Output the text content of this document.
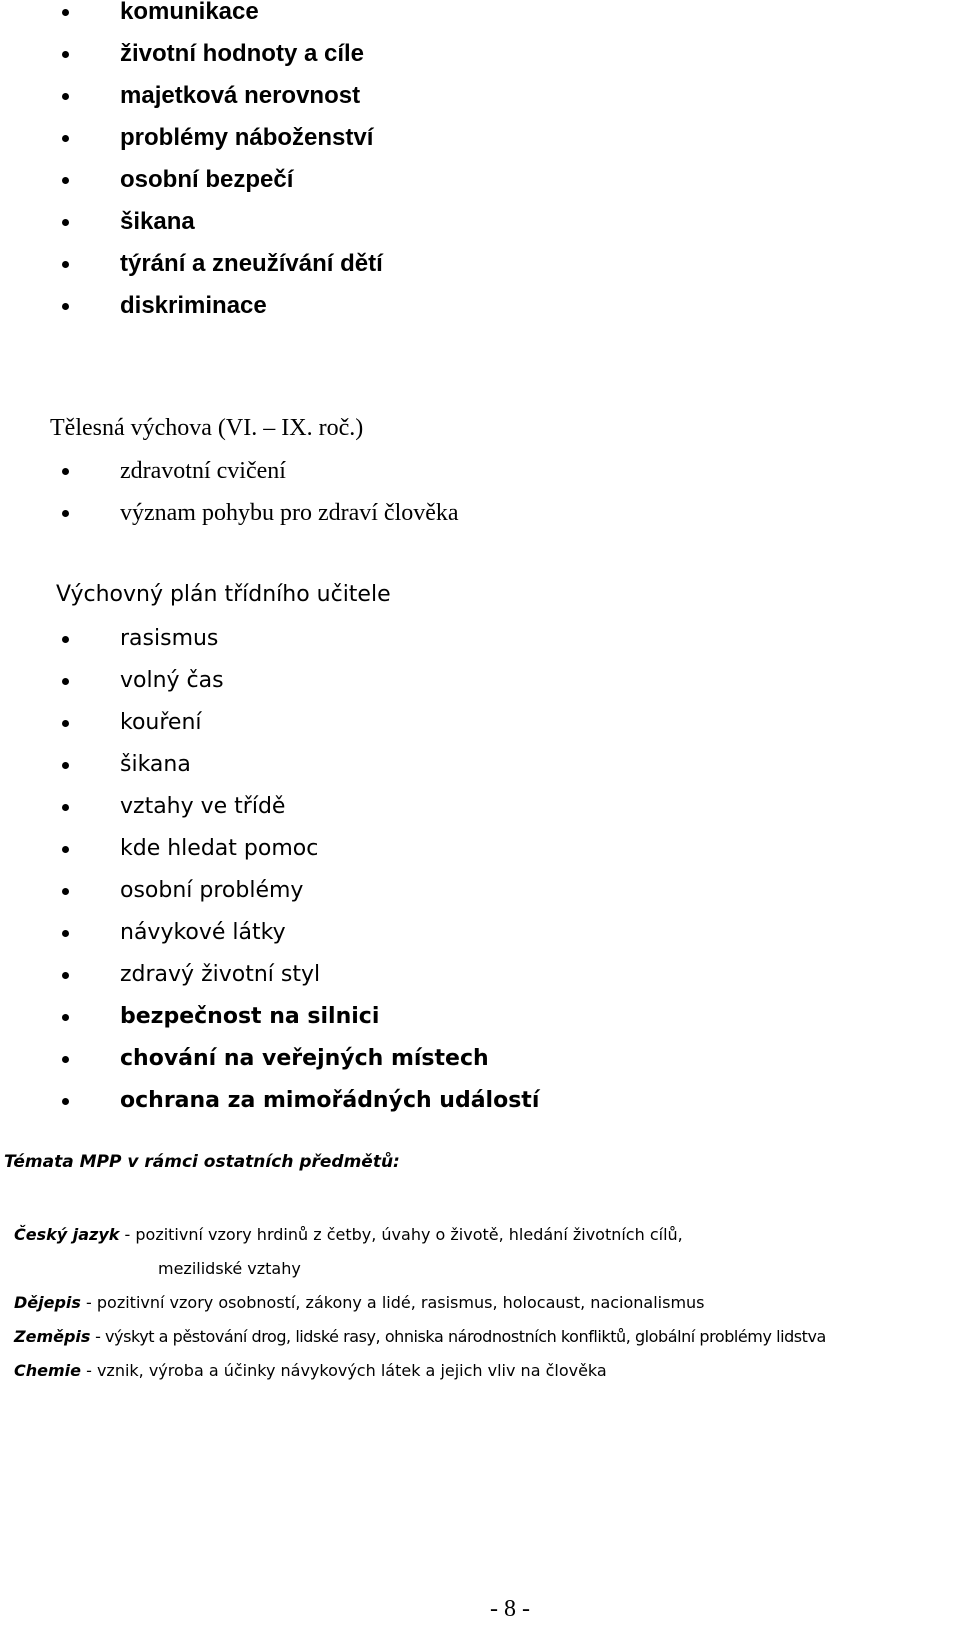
komunikace
životní hodnoty a cíle
majetková nerovnost
problémy náboženství
osobní bezpečí
šikana
týrání a zneužívání dětí
diskriminace
Tělesná výchova (VI. – IX. roč.)
zdravotní cvičení
význam pohybu pro zdraví člověka
Výchovný plán třídního učitele
rasismus
volný čas
kouření
šikana
vztahy ve třídě
kde hledat pomoc
osobní problémy
návykové látky
zdravý životní styl
bezpečnost na silnici
chování na veřejných místech
ochrana za mimořádných událostí
Témata MPP v rámci ostatních předmětů:
Český jazyk - pozitivní vzory hrdinů z četby, úvahy o životě, hledání životních cílů,
mezilidské vztahy
Dějepis - pozitivní vzory osobností, zákony a lidé, rasismus, holocaust, nacionalismus
Zeměpis - výskyt a pěstování drog, lidské rasy, ohniska národnostních konfliktů, globální problémy lidstva
Chemie - vznik, výroba a účinky návykových látek a jejich vliv na člověka
- 8 -
